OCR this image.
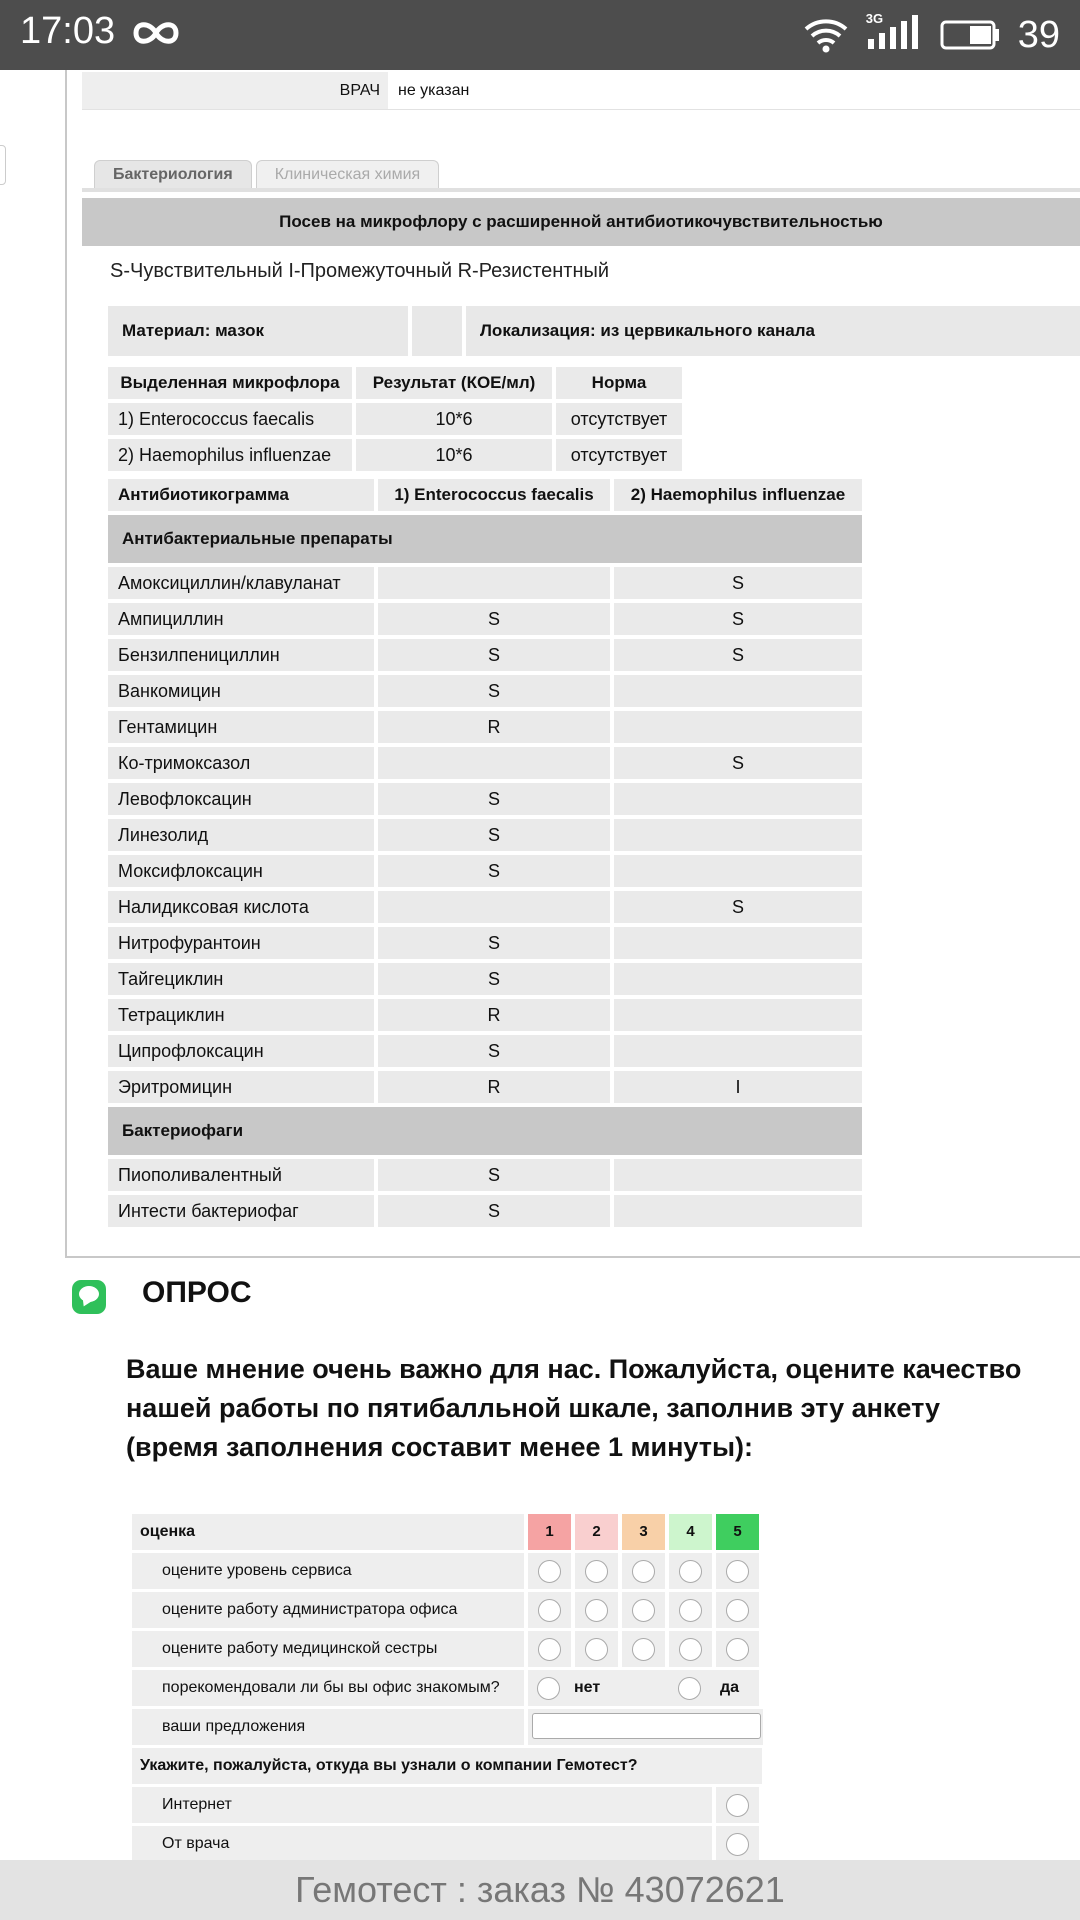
17:03	3G	39
ВРАЧ	не указан
Бактериология	Клиническая химия
Посев на микрофлору с расширенной антибиотикочувствительностью
S-Чувствительный I-Промежуточный R-Резистентный
Материал: мазок	Локализация: из цервикального канала
Выделенная микрофлора	Результат (КОЕ/мл)	Норма
1) Enterococcus faecalis	10*6	отсутствует
2) Haemophilus influenzae	10*6	отсутствует
Антибиотикограмма	1) Enterococcus faecalis	2) Haemophilus influenzae
Антибактериальные препараты		
Амоксициллин/клавуланат		S
Ампициллин	S	S
Бензилпенициллин	S	S
Ванкомицин	S	
Гентамицин	R	
Ко-тримоксазол		S
Левофлоксацин	S	
Линезолид	S	
Моксифлоксацин	S	
Налидиксовая кислота		S
Нитрофурантоин	S	
Тайгециклин	S	
Тетрациклин	R	
Ципрофлоксацин	S	
Эритромицин	R	I
Бактериофаги		
Пиополивалентный	S	
Интести бактериофаг	S	
ОПРОС
Ваше мнение очень важно для нас. Пожалуйста, оцените качество нашей работы по пятибалльной шкале, заполнив эту анкету (время заполнения составит менее 1 минуты):
оценка	1	2	3	4	5
оцените уровень сервиса
оцените работу администратора офиса
оцените работу медицинской сестры
порекомендовали ли бы вы офис знакомым?	нет	да
ваши предложения
Укажите, пожалуйста, откуда вы узнали о компании Гемотест?
Интернет
От врача
Гемотест : заказ № 43072621
